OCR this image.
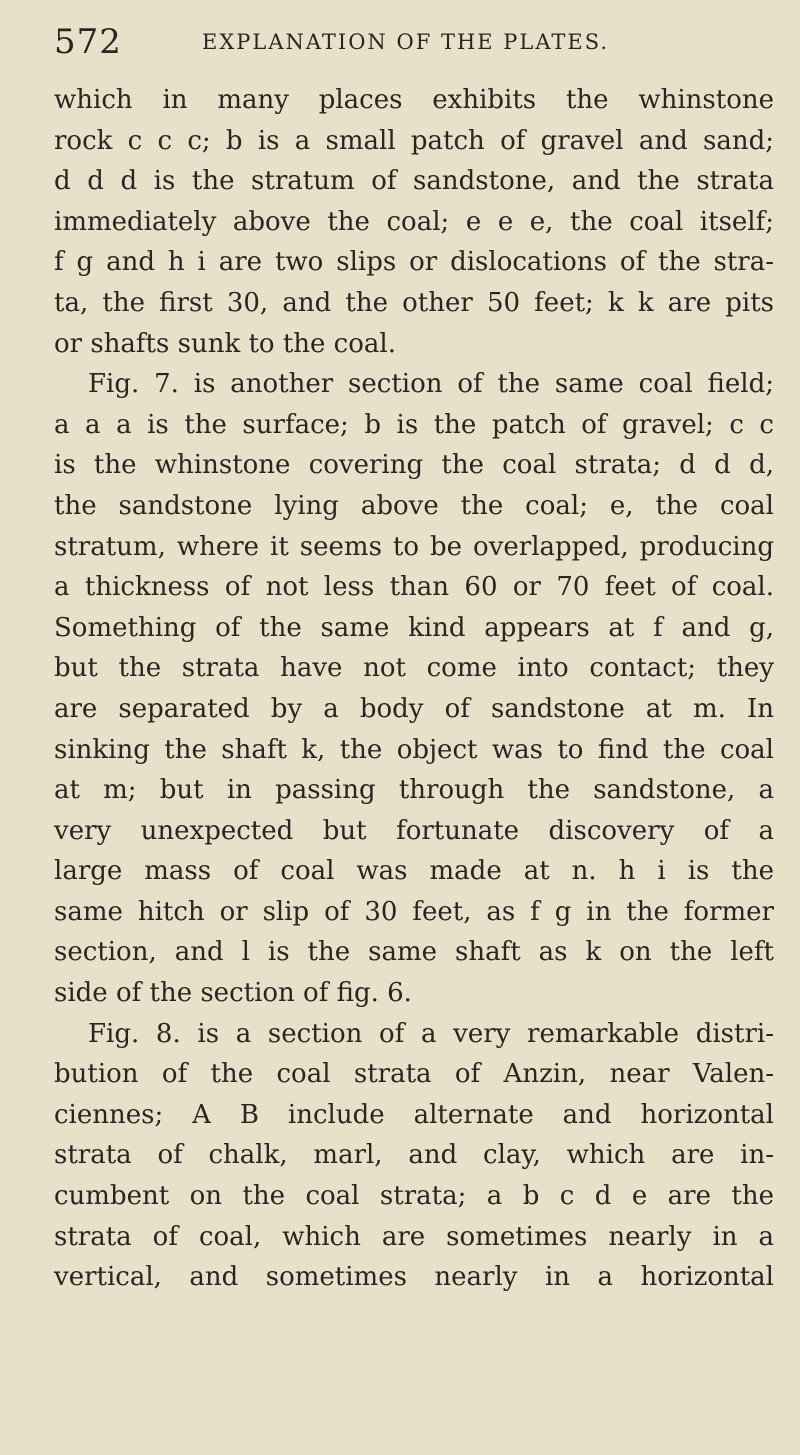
572	EXPLANATION OF THE PLATES.
which in many places exhibits the whinstone
rock c c c; b is a small patch of gravel and sand;
d d d is the stratum of sandstone, and the strata
immediately above the coal; e e e, the coal itself;
f g and h i are two slips or dislocations of the stra-
ta, the first 30, and the other 50 feet; k k are pits
or shafts sunk to the coal.
Fig. 7. is another section of the same coal field;
a a a is the surface; b is the patch of gravel; c c
is the whinstone covering the coal strata; d d d,
the sandstone lying above the coal; e, the coal
stratum, where it seems to be overlapped, producing
a thickness of not less than 60 or 70 feet of coal.
Something of the same kind appears at f and g,
but the strata have not come into contact; they
are separated by a body of sandstone at m. In
sinking the shaft k, the object was to find the coal
at m; but in passing through the sandstone, a
very unexpected but fortunate discovery of a
large mass of coal was made at n. h i is the
same hitch or slip of 30 feet, as f g in the former
section, and l is the same shaft as k on the left
side of the section of fig. 6.
Fig. 8. is a section of a very remarkable distri-
bution of the coal strata of Anzin, near Valen-
ciennes; A B include alternate and horizontal
strata of chalk, marl, and clay, which are in-
cumbent on the coal strata; a b c d e are the
strata of coal, which are sometimes nearly in a
vertical, and sometimes nearly in a horizontal
